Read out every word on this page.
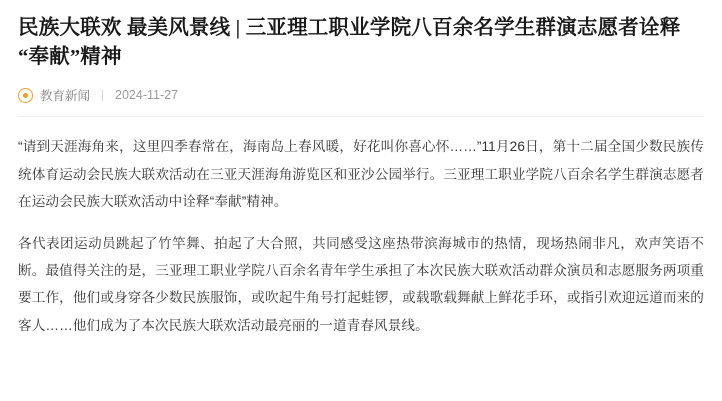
民族大联欢 最美风景线 | 三亚理工职业学院八百余名学生群演志愿者诠释“奉献”精神
教育新闻 2024-11-27

“请到天涯海角来，这里四季春常在，海南岛上春风暖，好花叫你喜心怀……”11月26日，第十二届全国少数民族传统体育运动会民族大联欢活动在三亚天涯海角游览区和亚沙公园举行。三亚理工职业学院八百余名学生群演志愿者在运动会民族大联欢活动中诠释“奉献”精神。

各代表团运动员跳起了竹竿舞、拍起了大合照，共同感受这座热带滨海城市的热情，现场热闹非凡，欢声笑语不断。最值得关注的是，三亚理工职业学院八百余名青年学生承担了本次民族大联欢活动群众演员和志愿服务两项重要工作，他们或身穿各少数民族服饰，或吹起牛角号打起蛙锣，或载歌载舞献上鲜花手环，或指引欢迎远道而来的客人……他们成为了本次民族大联欢活动最亮丽的一道青春风景线。
